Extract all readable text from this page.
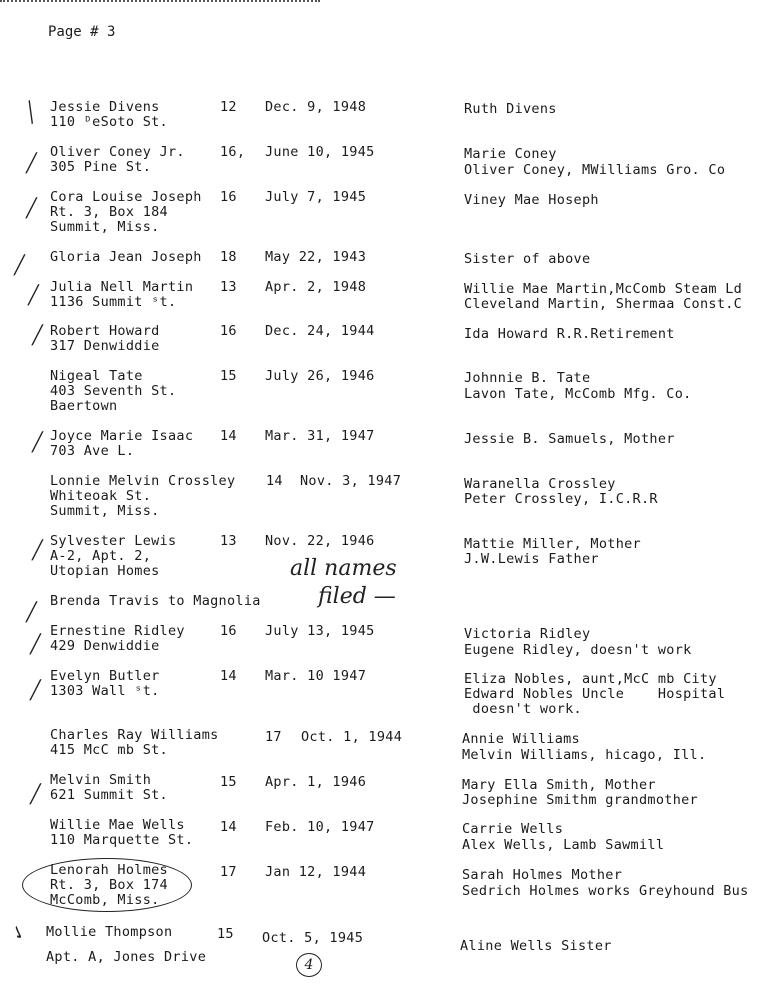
Page # 3
Jessie Divens
110 ᴰeSoto St.
12 Dec. 9, 1948	Ruth Divens
Oliver Coney Jr.
305 Pine St.
16, June 10, 1945	Marie Coney
Oliver Coney, MWilliams Gro. Co
Cora Louise Joseph
Rt. 3, Box 184
Summit, Miss.
16 July 7, 1945	Viney Mae Hoseph
Gloria Jean Joseph 18 May 22, 1943	Sister of above
Julia Nell Martin
1136 Summit ˢt.
13 Apr. 2, 1948	Willie Mae Martin,McComb Steam Ld
Cleveland Martin, Shermaa Const.C
Robert Howard
317 Denwiddie
16 Dec. 24, 1944	Ida Howard R.R.Retirement
Nigeal Tate
403 Seventh St.
Baertown
15 July 26, 1946	Johnnie B. Tate
Lavon Tate, McComb Mfg. Co.
Joyce Marie Isaac
703 Ave L.
14 Mar. 31, 1947	Jessie B. Samuels, Mother
Lonnie Melvin Crossley
Whiteoak St.
Summit, Miss.
14 Nov. 3, 1947	Waranella Crossley
Peter Crossley, I.C.R.R
Sylvester Lewis
A-2, Apt. 2,
Utopian Homes
13 Nov. 22, 1946	Mattie Miller, Mother
J.W.Lewis Father
Brenda Travis to Magnolia
all names
filed —
Ernestine Ridley
429 Denwiddie
16 July 13, 1945	Victoria Ridley
Eugene Ridley, doesn't work
Evelyn Butler
1303 Wall ˢt.
14 Mar. 10 1947	Eliza Nobles, aunt,McC mb City
Edward Nobles Uncle    Hospital
doesn't work.
Charles Ray Williams
415 McC mb St.
17 Oct. 1, 1944	Annie Williams
Melvin Williams, hicago, Ill.
Melvin Smith
621 Summit St.
15 Apr. 1, 1946	Mary Ella Smith, Mother
Josephine Smithm grandmother
Willie Mae Wells
110 Marquette St.
14 Feb. 10, 1947	Carrie Wells
Alex Wells, Lamb Sawmill
Lenorah Holmes
Rt. 3, Box 174
McComb, Miss.
17 Jan 12, 1944	Sarah Holmes Mother
Sedrich Holmes works Greyhound Bus
Mollie Thompson
Apt. A, Jones Drive
15 Oct. 5, 1945	Aline Wells Sister
4
╱
╱
╱
╱
╱
╱
╱
╱
╱
╱
╱
╱
✓
